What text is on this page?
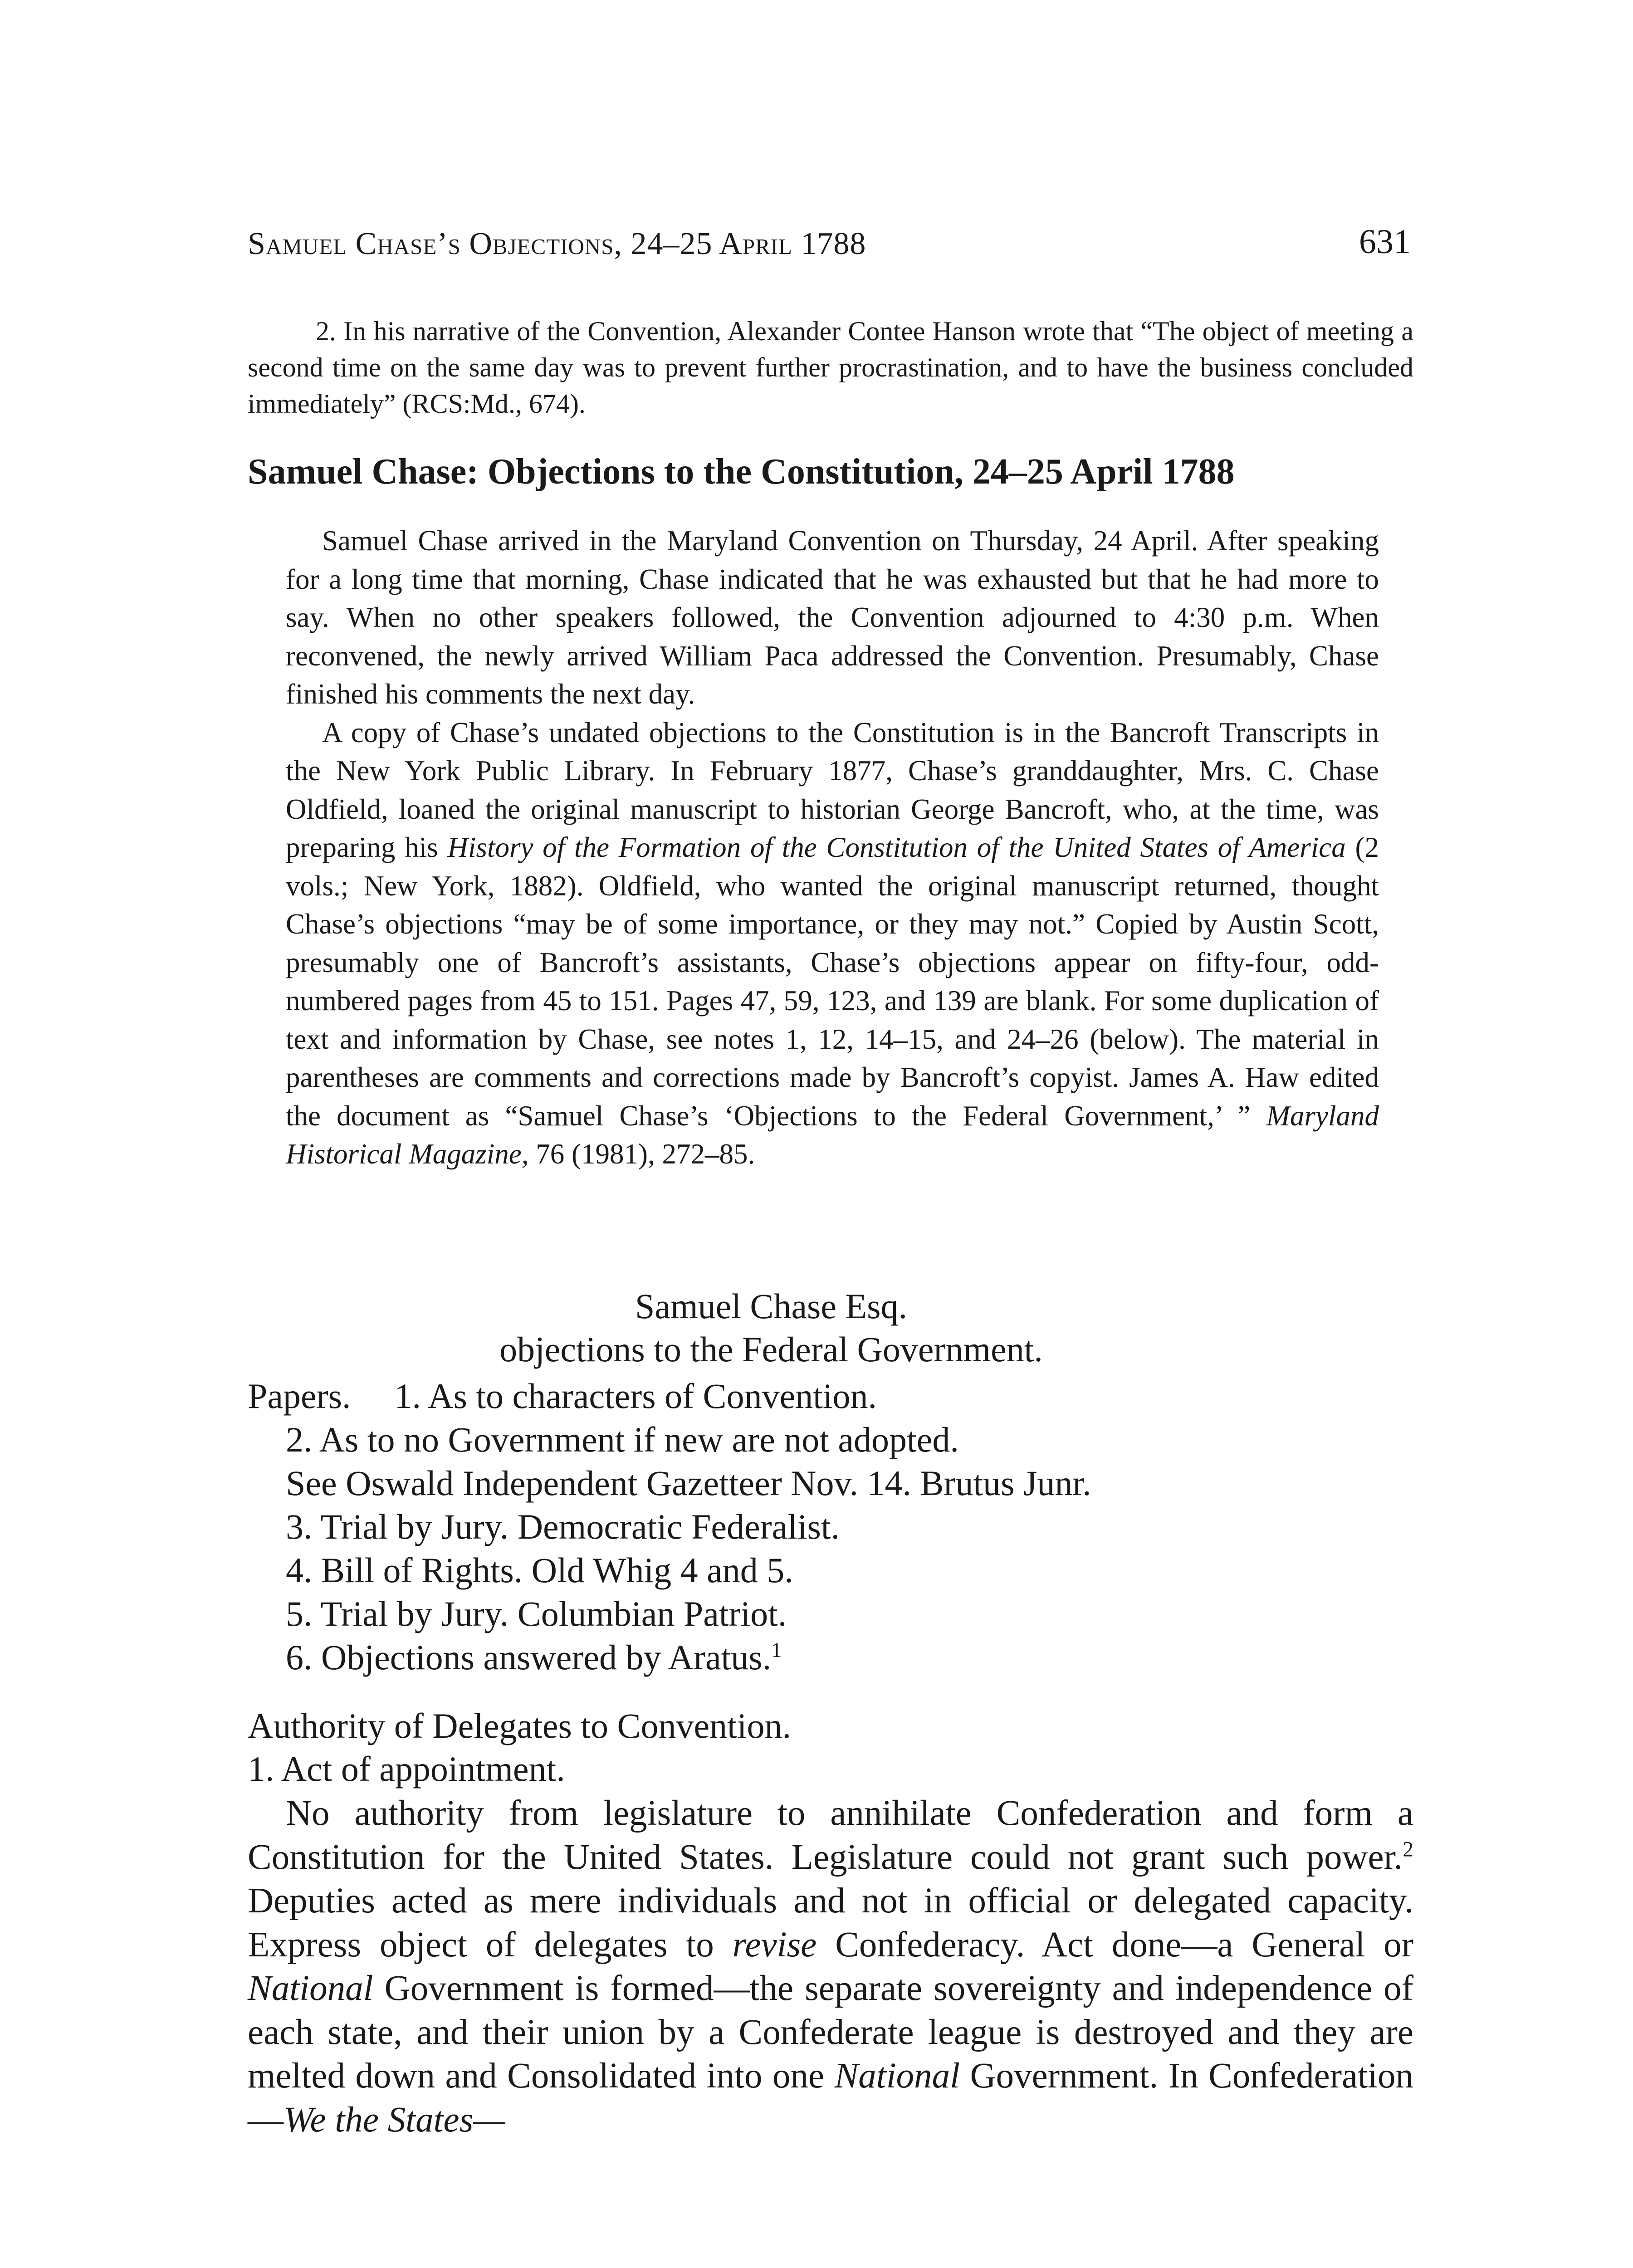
Samuel Chase’s Objections, 24–25 April 1788	631

2. In his narrative of the Convention, Alexander Contee Hanson wrote that “The object of meeting a second time on the same day was to prevent further procrastination, and to have the business concluded immediately” (RCS:Md., 674).

Samuel Chase: Objections to the Constitution, 24–25 April 1788

Samuel Chase arrived in the Maryland Convention on Thursday, 24 April. After speaking for a long time that morning, Chase indicated that he was exhausted but that he had more to say. When no other speakers followed, the Convention adjourned to 4:30 p.m. When reconvened, the newly arrived William Paca addressed the Convention. Presumably, Chase finished his comments the next day.

A copy of Chase’s undated objections to the Constitution is in the Bancroft Transcripts in the New York Public Library. In February 1877, Chase’s granddaughter, Mrs. C. Chase Oldfield, loaned the original manuscript to historian George Bancroft, who, at the time, was preparing his History of the Formation of the Constitution of the United States of America (2 vols.; New York, 1882). Oldfield, who wanted the original manuscript returned, thought Chase’s objections “may be of some importance, or they may not.” Copied by Austin Scott, presumably one of Bancroft’s assistants, Chase’s objections appear on fifty-four, odd-numbered pages from 45 to 151. Pages 47, 59, 123, and 139 are blank. For some duplication of text and information by Chase, see notes 1, 12, 14–15, and 24–26 (below). The material in parentheses are comments and corrections made by Bancroft’s copyist. James A. Haw edited the document as “Samuel Chase’s ‘Objections to the Federal Government,’ ” Maryland Historical Magazine, 76 (1981), 272–85.

Samuel Chase Esq.
objections to the Federal Government.
Papers. 1. As to characters of Convention.
2. As to no Government if new are not adopted.
See Oswald Independent Gazetteer Nov. 14. Brutus Junr.
3. Trial by Jury. Democratic Federalist.
4. Bill of Rights. Old Whig 4 and 5.
5. Trial by Jury. Columbian Patriot.
6. Objections answered by Aratus.$^1$
Authority of Delegates to Convention.
1. Act of appointment.

No authority from legislature to annihilate Confederation and form a Constitution for the United States. Legislature could not grant such power.$^2$ Deputies acted as mere individuals and not in official or delegated capacity. Express object of delegates to revise Confederacy. Act done—a General or National Government is formed—the separate sovereignty and independence of each state, and their union by a Confederate league is destroyed and they are melted down and Consolidated into one National Government. In Confederation—We the States—
